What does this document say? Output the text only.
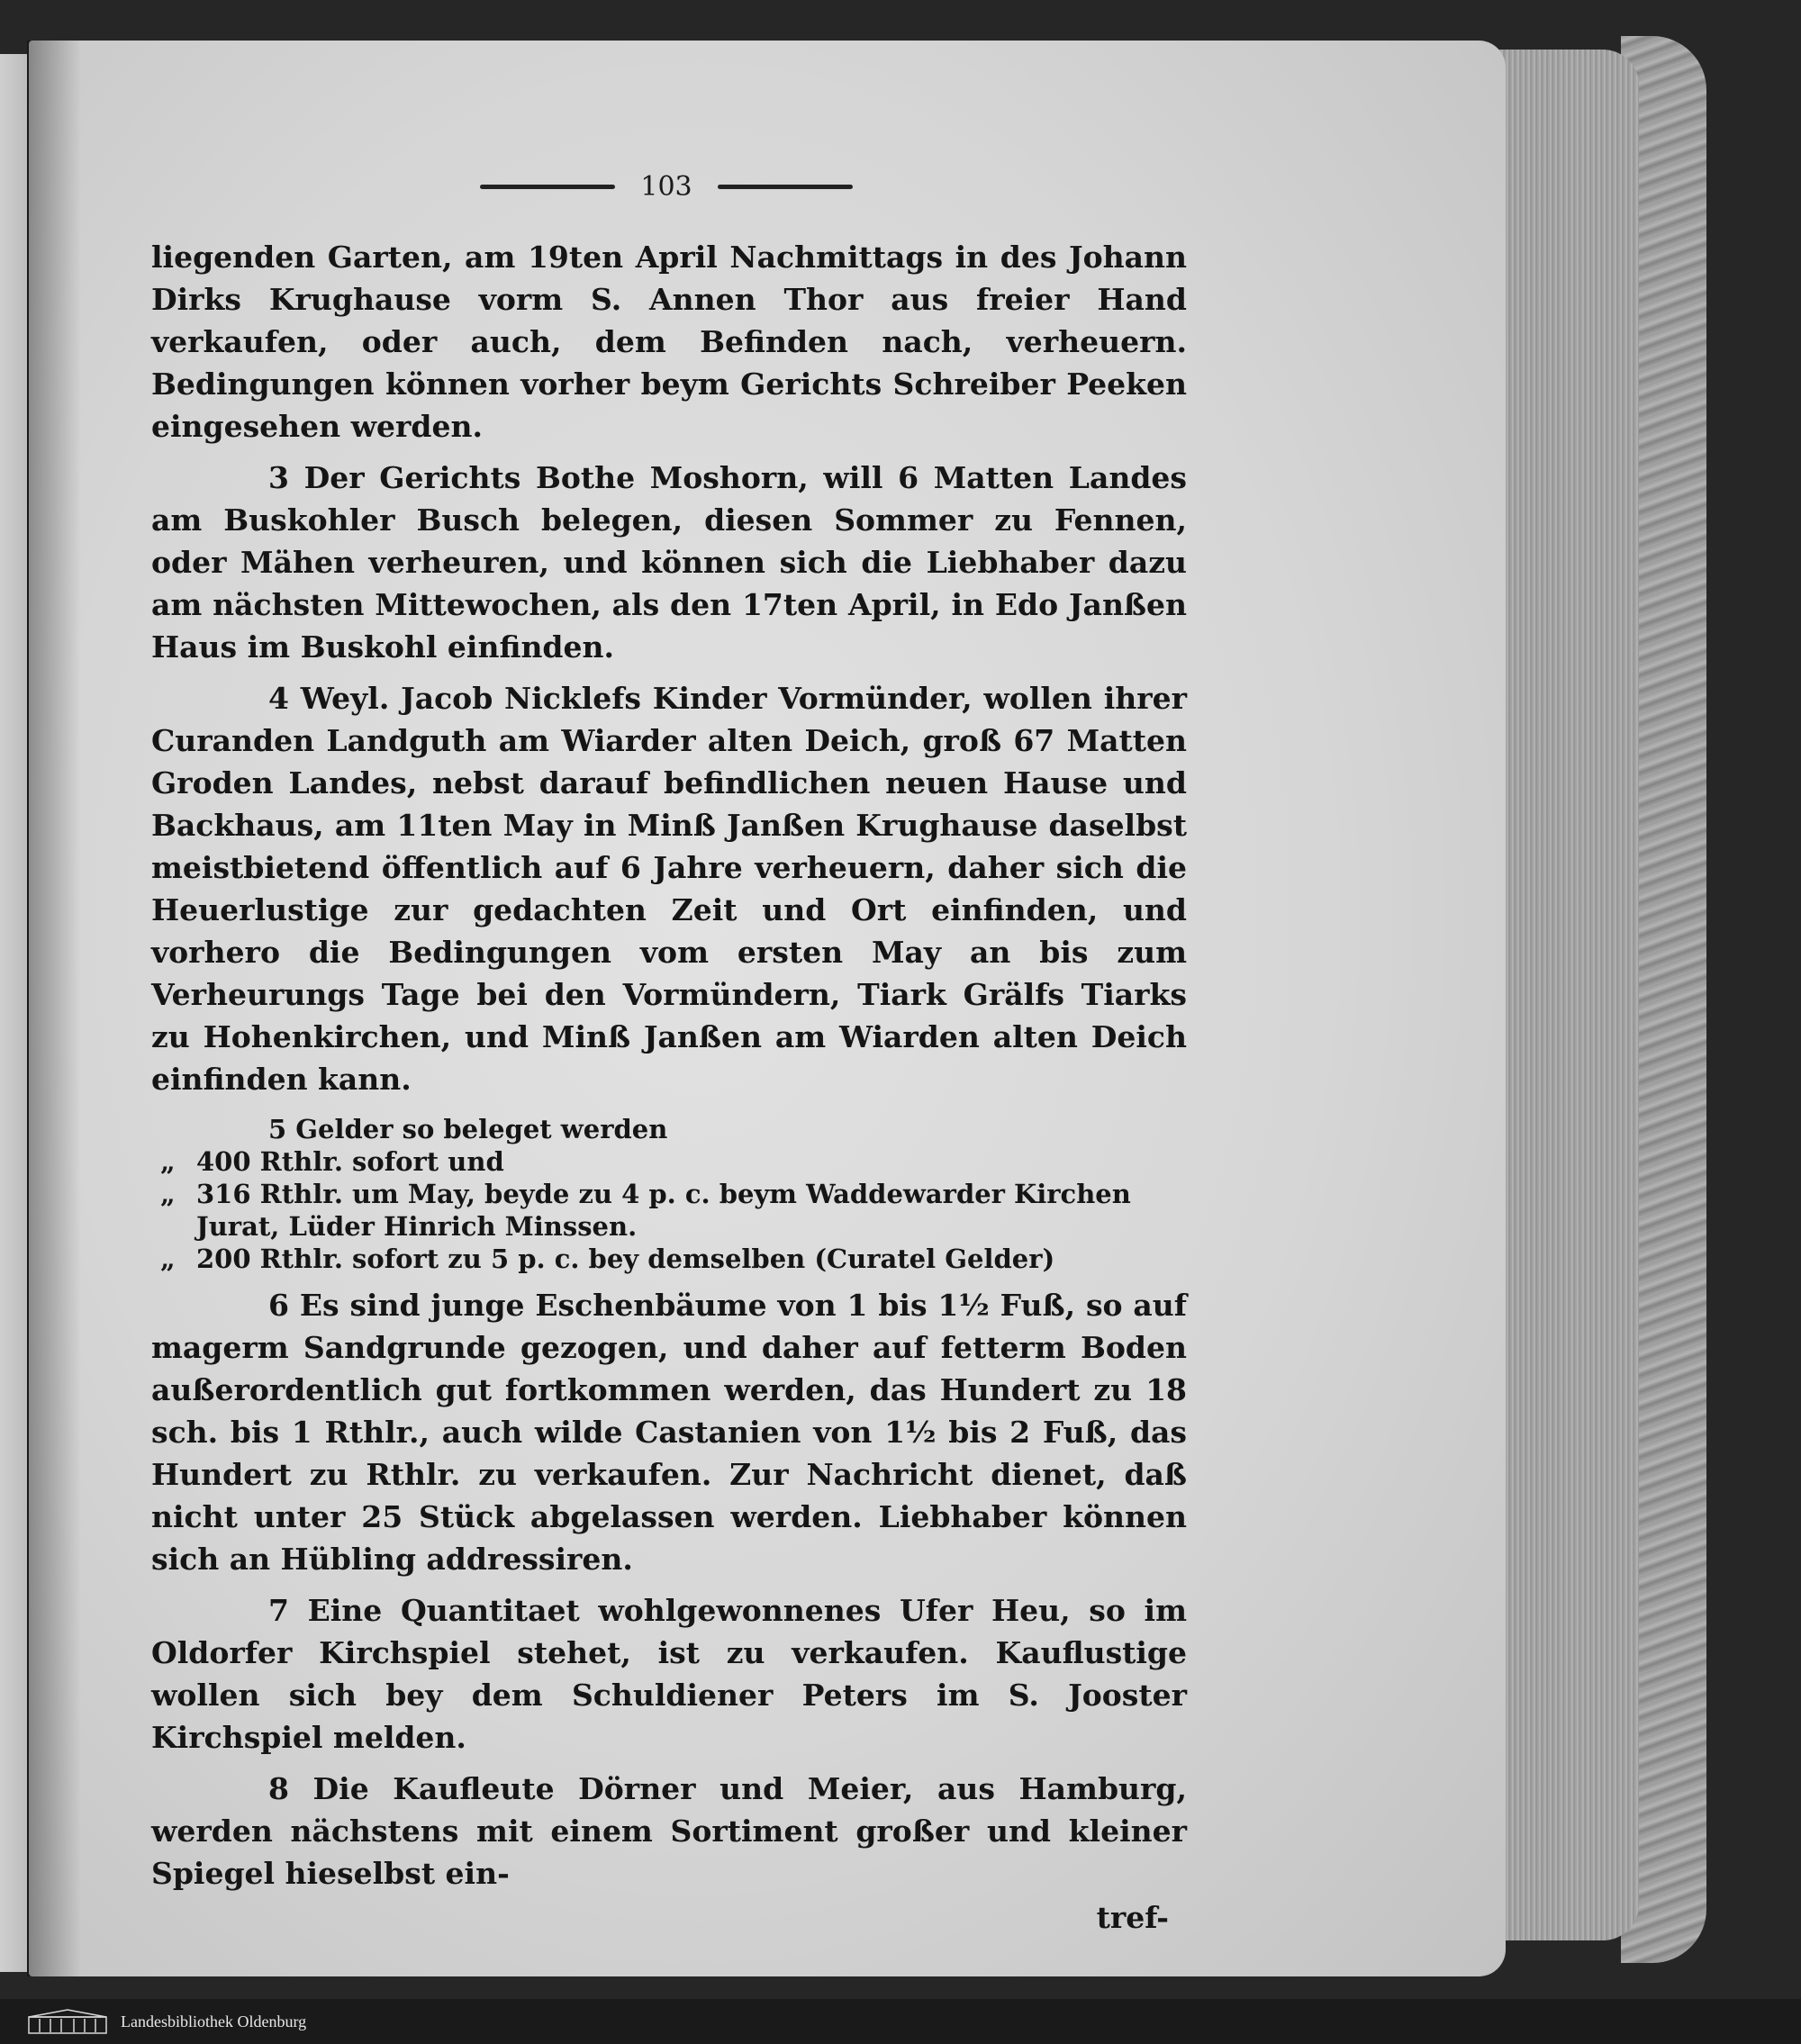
103

liegenden Garten, am 19ten April Nachmittags in des Johann Dirks Krughause vorm S. Annen Thor aus freier Hand verkaufen, oder auch, dem Befinden nach, verheuern. Bedingungen können vorher beym Gerichts Schreiber Peeken eingesehen werden.

3 Der Gerichts Bothe Moshorn, will 6 Matten Landes am Buskohler Busch belegen, diesen Sommer zu Fennen, oder Mähen verheuren, und können sich die Liebhaber dazu am nächsten Mittewochen, als den 17ten April, in Edo Janßen Haus im Buskohl einfinden.

4 Weyl. Jacob Nicklefs Kinder Vormünder, wollen ihrer Curanden Landguth am Wiarder alten Deich, groß 67 Matten Groden Landes, nebst darauf befindlichen neuen Hause und Backhaus, am 11ten May in Minß Janßen Krughause daselbst meistbietend öffentlich auf 6 Jahre verheuern, daher sich die Heuerlustige zur gedachten Zeit und Ort einfinden, und vorhero die Bedingungen vom ersten May an bis zum Verheurungs Tage bei den Vormündern, Tiark Grälfs Tiarks zu Hohenkirchen, und Minß Janßen am Wiarden alten Deich einfinden kann.

5 Gelder so beleget werden
„ 400 Rthlr. sofort und
„ 316 Rthlr. um May, beyde zu 4 p. c. beym Waddewarder Kirchen Jurat, Lüder Hinrich Minssen.
„ 200 Rthlr. sofort zu 5 p. c. bey demselben (Curatel Gelder)

6 Es sind junge Eschenbäume von 1 bis 1½ Fuß, so auf magerm Sandgrunde gezogen, und daher auf fetterm Boden außerordentlich gut fortkommen werden, das Hundert zu 18 sch. bis 1 Rthlr., auch wilde Castanien von 1½ bis 2 Fuß, das Hundert zu Rthlr. zu verkaufen. Zur Nachricht dienet, daß nicht unter 25 Stück abgelassen werden. Liebhaber können sich an Hübling addressiren.

7 Eine Quantitaet wohlgewonnenes Ufer Heu, so im Oldorfer Kirchspiel stehet, ist zu verkaufen. Kauflustige wollen sich bey dem Schuldiener Peters im S. Jooster Kirchspiel melden.

8 Die Kaufleute Dörner und Meier, aus Hamburg, werden nächstens mit einem Sortiment großer und kleiner Spiegel hieselbst ein-

tref-
Landesbibliothek Oldenburg
